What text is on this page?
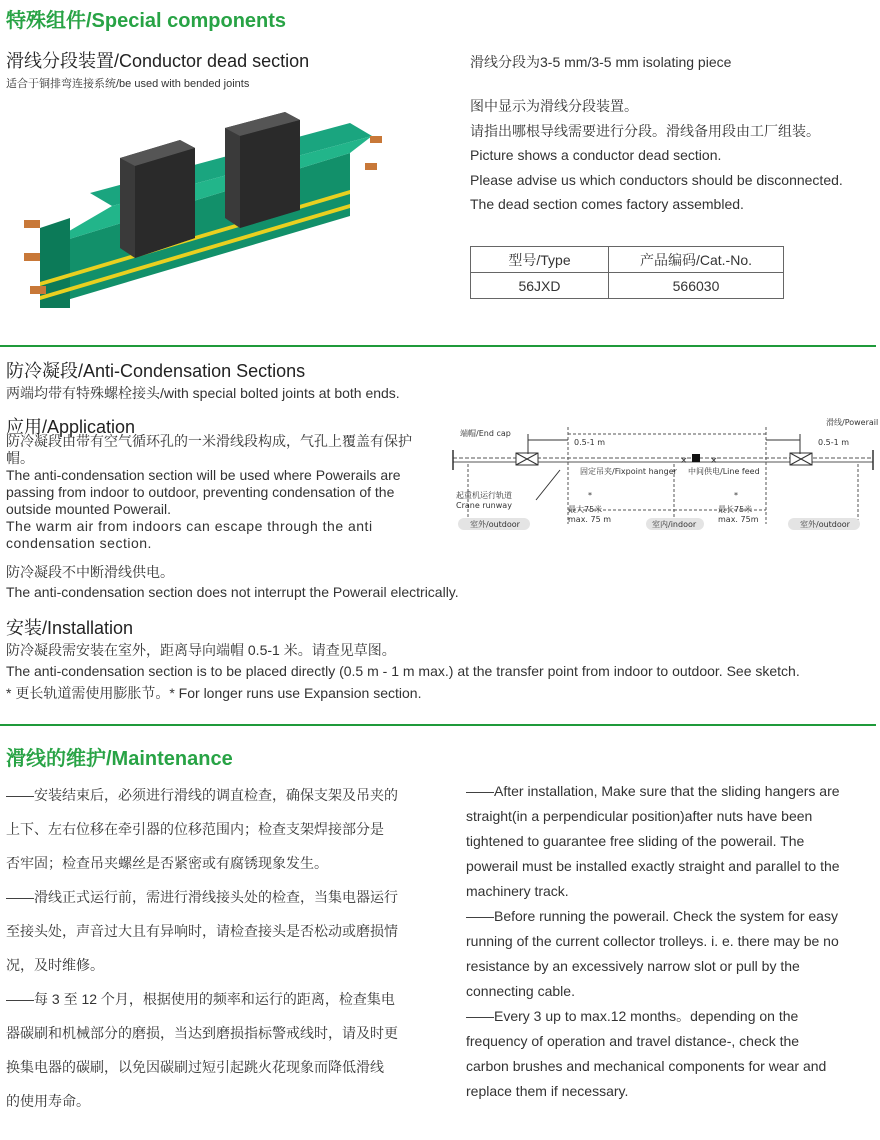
特殊组件/Special components
滑线分段装置/Conductor dead section
适合于铜排弯连接系统/be used with bended joints
滑线分段为3-5 mm/3-5 mm isolating piece
图中显示为滑线分段装置。
请指出哪根导线需要进行分段。滑线备用段由工厂组装。
Picture shows a conductor dead section.
Please advise us which conductors should be disconnected.
The dead section comes factory assembled.
型号/Type	产品编码/Cat.-No.
56JXD	566030
防冷凝段/Anti-Condensation Sections
两端均带有特殊螺栓接头/with special bolted joints at both ends.
应用/Application
防冷凝段由带有空气循环孔的一米滑线段构成，气孔上覆盖有保护帽。
The anti-condensation section will be used where Powerails are passing from indoor to outdoor, preventing condensation of the outside mounted Powerail.
The warm air from indoors can escape through the anti condensation section.
防冷凝段不中断滑线供电。
The anti-condensation section does not interrupt the Powerail electrically.
× ×
端帽/End cap
滑线/Powerail
0.5-1 m	0.5-1 m
固定吊夹/Fixpoint hanger 中间供电/Line feed
起重机运行轨道
Crane runway
*
最大75米
max. 75 m
*
最长75米
max. 75m
室外/outdoor	室内/indoor	室外/outdoor
安装/Installation
防冷凝段需安装在室外，距离导向端帽 0.5-1 米。请查见草图。
The anti-condensation section is to be placed directly (0.5 m - 1 m max.) at the transfer point from indoor to outdoor. See sketch.
* 更长轨道需使用膨胀节。* For longer runs use Expansion section.
滑线的维护/Maintenance
——安装结束后，必须进行滑线的调直检查，确保支架及吊夹的
上下、左右位移在牵引器的位移范围内；检查支架焊接部分是
否牢固；检查吊夹螺丝是否紧密或有腐锈现象发生。
——滑线正式运行前，需进行滑线接头处的检查，当集电器运行
至接头处，声音过大且有异响时，请检查接头是否松动或磨损情
况，及时维修。
——每 3 至 12 个月，根据使用的频率和运行的距离，检查集电
器碳刷和机械部分的磨损，当达到磨损指标警戒线时，请及时更
换集电器的碳刷，以免因碳刷过短引起跳火花现象而降低滑线
的使用寿命。
——After installation, Make sure that the sliding hangers are
straight(in a perpendicular position)after nuts have been
tightened to guarantee free sliding of the powerail. The
powerail must be installed exactly straight and parallel to the
machinery track.
——Before running the powerail. Check the system for easy
running of the current collector trolleys. i. e. there may be no
resistance by an excessively narrow slot or pull by the
connecting cable.
——Every 3 up to max.12 months。depending on the
frequency of operation and travel distance-, check the
carbon brushes and mechanical components for wear and
replace them if necessary.
